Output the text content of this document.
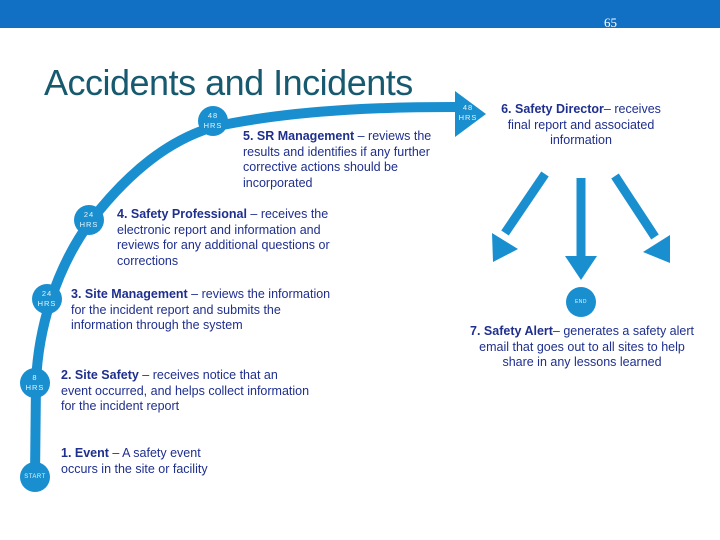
65
Accidents and Incidents
START
8
HRS
24
HRS
24
HRS
48
HRS
48
HRS
END
1. Event – A safety event occurs in the site or facility
2. Site Safety – receives notice that an event occurred, and helps collect information for the incident report
3. Site Management – reviews the information for the incident report and submits the information through the system
4. Safety Professional – receives the electronic report and information and reviews for any additional questions or corrections
5. SR Management – reviews the results and identifies if any further corrective actions should be incorporated
6. Safety Director– receives final report and associated information
7. Safety Alert– generates a safety alert email that goes out to all sites to help share in any lessons learned
